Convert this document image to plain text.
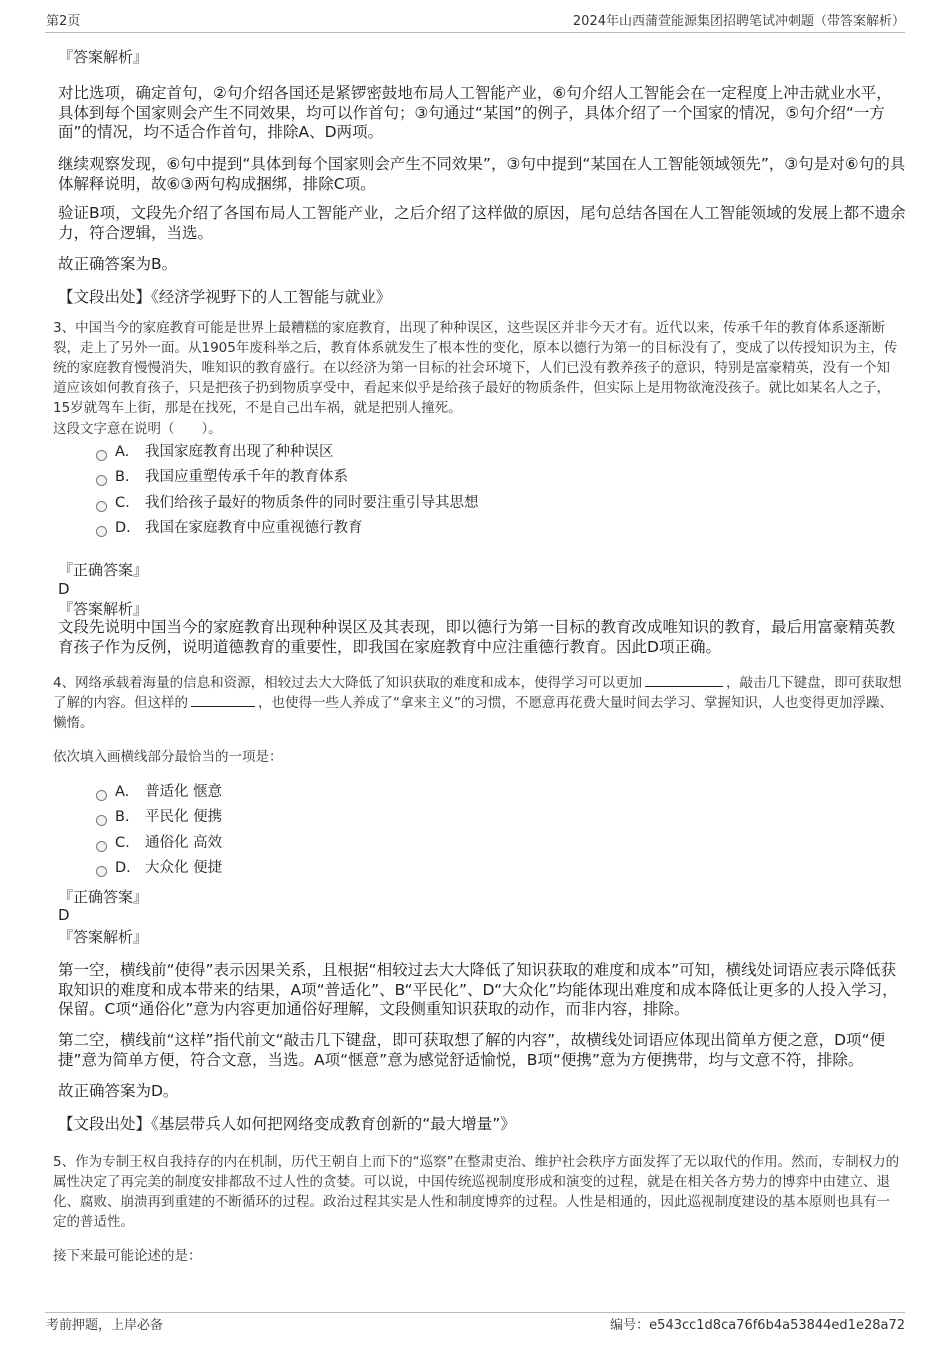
第2页	2024年山西蒲萱能源集团招聘笔试冲刺题（带答案解析）
『答案解析』
对比选项，确定首句，②句介绍各国还是紧锣密鼓地布局人工智能产业，⑥句介绍人工智能会在一定程度上冲击就业水平，具体到每个国家则会产生不同效果，均可以作首句；③句通过“某国”的例子，具体介绍了一个国家的情况，⑤句介绍“一方面”的情况，均不适合作首句，排除A、D两项。
继续观察发现，⑥句中提到“具体到每个国家则会产生不同效果”，③句中提到“某国在人工智能领域领先”，③句是对⑥句的具体解释说明，故⑥③两句构成捆绑，排除C项。
验证B项，文段先介绍了各国布局人工智能产业，之后介绍了这样做的原因，尾句总结各国在人工智能领域的发展上都不遗余力，符合逻辑，当选。
故正确答案为B。
【文段出处】《经济学视野下的人工智能与就业》
3、中国当今的家庭教育可能是世界上最糟糕的家庭教育，出现了种种误区，这些误区并非今天才有。近代以来，传承千年的教育体系逐渐断裂，走上了另外一面。从1905年废科举之后，教育体系就发生了根本性的变化，原本以德行为第一的目标没有了，变成了以传授知识为主，传统的家庭教育慢慢消失，唯知识的教育盛行。在以经济为第一目标的社会环境下，人们已没有教养孩子的意识，特别是富豪精英，没有一个知道应该如何教育孩子，只是把孩子扔到物质享受中，看起来似乎是给孩子最好的物质条件，但实际上是用物欲淹没孩子。就比如某名人之子，15岁就驾车上街，那是在找死，不是自己出车祸，就是把别人撞死。
这段文字意在说明（　　）。
A.	我国家庭教育出现了种种误区
B.	我国应重塑传承千年的教育体系
C.	我们给孩子最好的物质条件的同时要注重引导其思想
D. 我国在家庭教育中应重视德行教育
『正确答案』
D
『答案解析』
文段先说明中国当今的家庭教育出现种种误区及其表现，即以德行为第一目标的教育改成唯知识的教育，最后用富豪精英教育孩子作为反例，说明道德教育的重要性，即我国在家庭教育中应注重德行教育。因此D项正确。
4、网络承载着海量的信息和资源，相较过去大大降低了知识获取的难度和成本，使得学习可以更加	，敲击几下键盘，即可获取想了解的内容。但这样的	，也使得一些人养成了“拿来主义”的习惯，不愿意再花费大量时间去学习、掌握知识，人也变得更加浮躁、懒惰。
依次填入画横线部分最恰当的一项是：
A.	普适化 惬意
B.	平民化 便携
C.	通俗化 高效
D. 大众化 便捷
『正确答案』
D
『答案解析』
第一空，横线前“使得”表示因果关系，且根据“相较过去大大降低了知识获取的难度和成本”可知，横线处词语应表示降低获取知识的难度和成本带来的结果，A项“普适化”、B“平民化”、D“大众化”均能体现出难度和成本降低让更多的人投入学习，保留。C项“通俗化”意为内容更加通俗好理解，文段侧重知识获取的动作，而非内容，排除。
第二空，横线前“这样”指代前文“敲击几下键盘，即可获取想了解的内容”，故横线处词语应体现出简单方便之意，D项“便捷”意为简单方便，符合文意，当选。A项“惬意”意为感觉舒适愉悦，B项“便携”意为方便携带，均与文意不符，排除。
故正确答案为D。
【文段出处】《基层带兵人如何把网络变成教育创新的“最大增量”》
5、作为专制王权自我持存的内在机制，历代王朝自上而下的“巡察”在整肃吏治、维护社会秩序方面发挥了无以取代的作用。然而，专制权力的属性决定了再完美的制度安排都敌不过人性的贪婪。可以说，中国传统巡视制度形成和演变的过程，就是在相关各方势力的博弈中由建立、退化、腐败、崩溃再到重建的不断循环的过程。政治过程其实是人性和制度博弈的过程。人性是相通的，因此巡视制度建设的基本原则也具有一定的普适性。
接下来最可能论述的是：
考前押题，上岸必备	编号：e543cc1d8ca76f6b4a53844ed1e28a72
